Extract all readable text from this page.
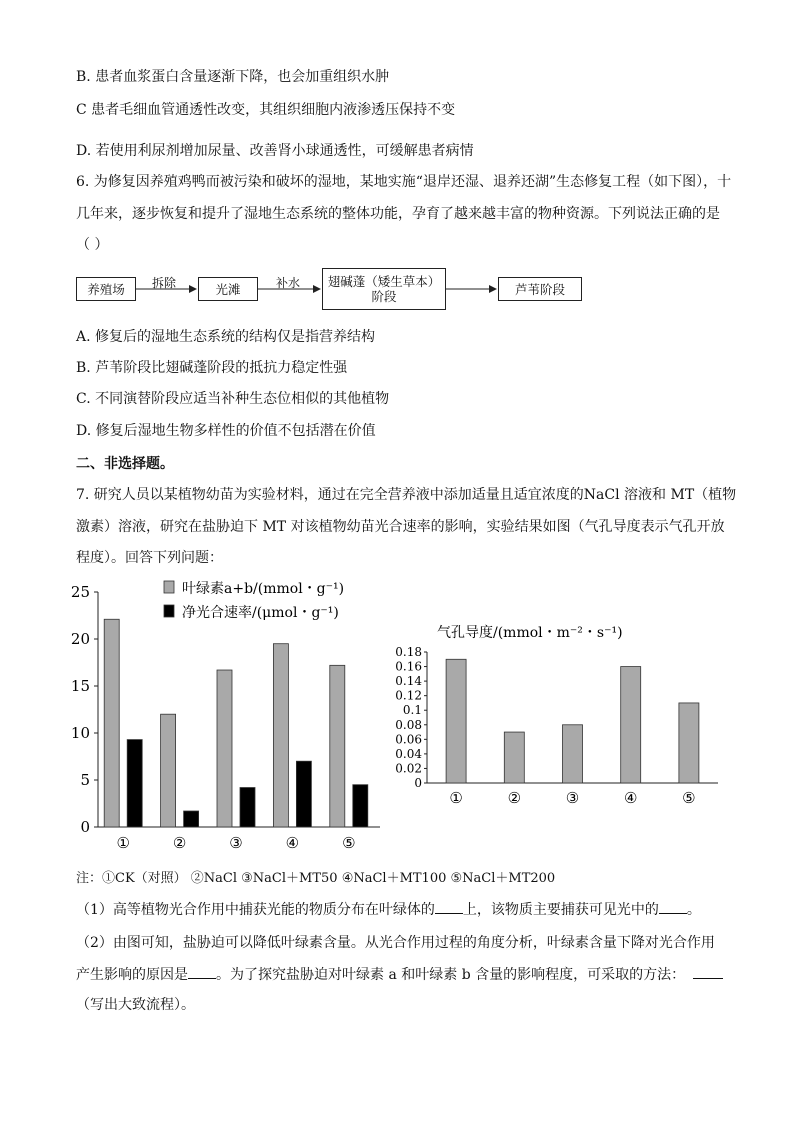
B. 患者血浆蛋白含量逐渐下降，也会加重组织水肿
C 患者毛细血管通透性改变，其组织细胞内液渗透压保持不变
D. 若使用利尿剂增加尿量、改善肾小球通透性，可缓解患者病情
6. 为修复因养殖鸡鸭而被污染和破坏的湿地，某地实施“退岸还湿、退养还湖”生态修复工程（如下图），十
几年来，逐步恢复和提升了湿地生态系统的整体功能，孕育了越来越丰富的物种资源。下列说法正确的是
（ ）
养殖场	拆除	光滩	补水 翅碱蓬（矮生草本）
阶段	芦苇阶段
A. 修复后的湿地生态系统的结构仅是指营养结构
B. 芦苇阶段比翅碱蓬阶段的抵抗力稳定性强
C. 不同演替阶段应适当补种生态位相似的其他植物
D. 修复后湿地生物多样性的价值不包括潜在价值
二、非选择题。
7. 研究人员以某植物幼苗为实验材料，通过在完全营养液中添加适量且适宜浓度的NaCl 溶液和 MT（植物
激素）溶液，研究在盐胁迫下 MT 对该植物幼苗光合速率的影响，实验结果如图（气孔导度表示气孔开放
程度）。回答下列问题：
0
5
10
15
20
25
①	②	③	④	⑤
叶绿素a+b/(mmol・g⁻¹)
净光合速率/(μmol・g⁻¹)
气孔导度/(mmol・m⁻²・s⁻¹)
0
0.02
0.04
0.06
0.08
0.1
0.12
0.14
0.16
0.18
①	②	③	④	⑤
注：①CK（对照） ②NaCl ③NaCl＋MT50 ④NaCl＋MT100 ⑤NaCl＋MT200
（1）高等植物光合作用中捕获光能的物质分布在叶绿体的 上，该物质主要捕获可见光中的 。
（2）由图可知，盐胁迫可以降低叶绿素含量。从光合作用过程的角度分析，叶绿素含量下降对光合作用
产生影响的原因是 。为了探究盐胁迫对叶绿素 a 和叶绿素 b 含量的影响程度，可采取的方法：
（写出大致流程）。
